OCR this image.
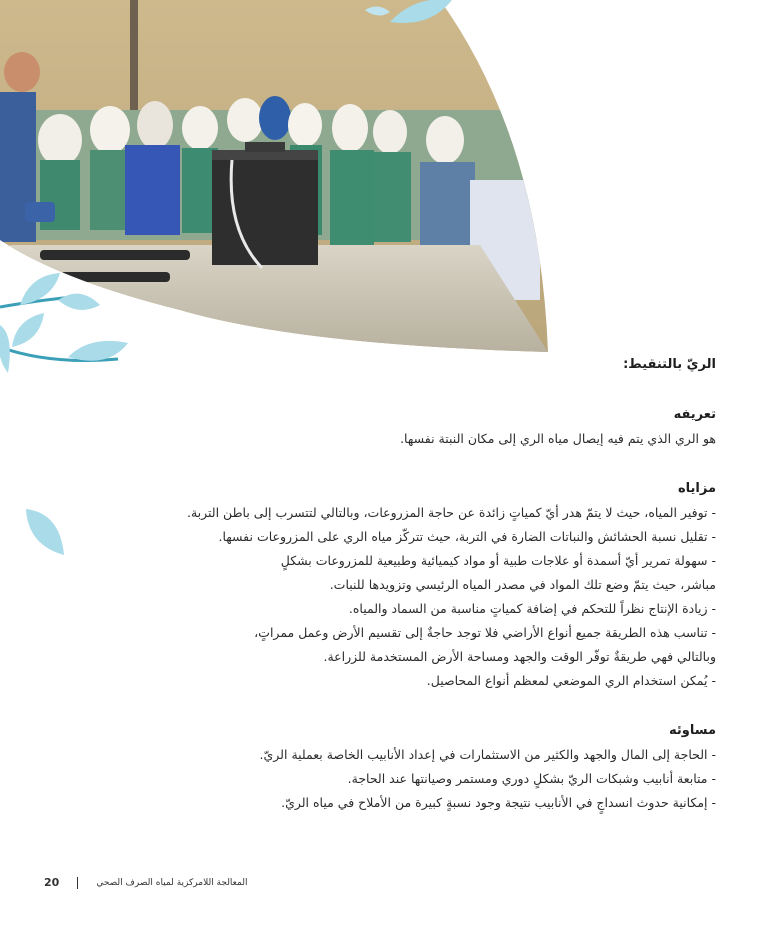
الريّ بالتنقيط:

تعريفه

هو الري الذي يتم فيه إيصال مياه الري إلى مكان النبتة نفسها.

مزاياه

- توفير المياه، حيث لا يتمّ هدر أيّ كمياتٍ زائدة عن حاجة المزروعات، وبالتالي لتتسرب إلى باطن التربة.
- تقليل نسبة الحشائش والنباتات الضارة في التربة، حيث تتركّز مياه الري على المزروعات نفسها.
- سهولة تمرير أيّ أسمدة أو علاجات طبية أو مواد كيميائية وطبيعية للمزروعات بشكلٍ
مباشر، حيث يتمّ وضع تلك المواد في مصدر المياه الرئيسي وتزويدها للنبات.
- زيادة الإنتاج نظراً للتحكم في إضافة كمياتٍ مناسبة من السماد والمياه.
- تناسب هذه الطريقة جميع أنواع الأراضي فلا توجد حاجةٌ إلى تقسيم الأرض وعمل ممراتٍ،
وبالتالي فهي طريقةٌ توفّر الوقت والجهد ومساحة الأرض المستخدمة للزراعة.
- يُمكن استخدام الري الموضعي لمعظم أنواع المحاصيل.

مساوئه

- الحاجة إلى المال والجهد والكثير من الاستثمارات في إعداد الأنابيب الخاصة بعملية الريّ.
- متابعة أنابيب وشبكات الريّ بشكلٍ دوري ومستمر وصيانتها عند الحاجة.
- إمكانية حدوث انسداجٍ في الأنابيب نتيجة وجود نسبةٍ كبيرة من الأملاح في مياه الريّ.
20	المعالجة اللامركزية لمياه الصرف الصحي
